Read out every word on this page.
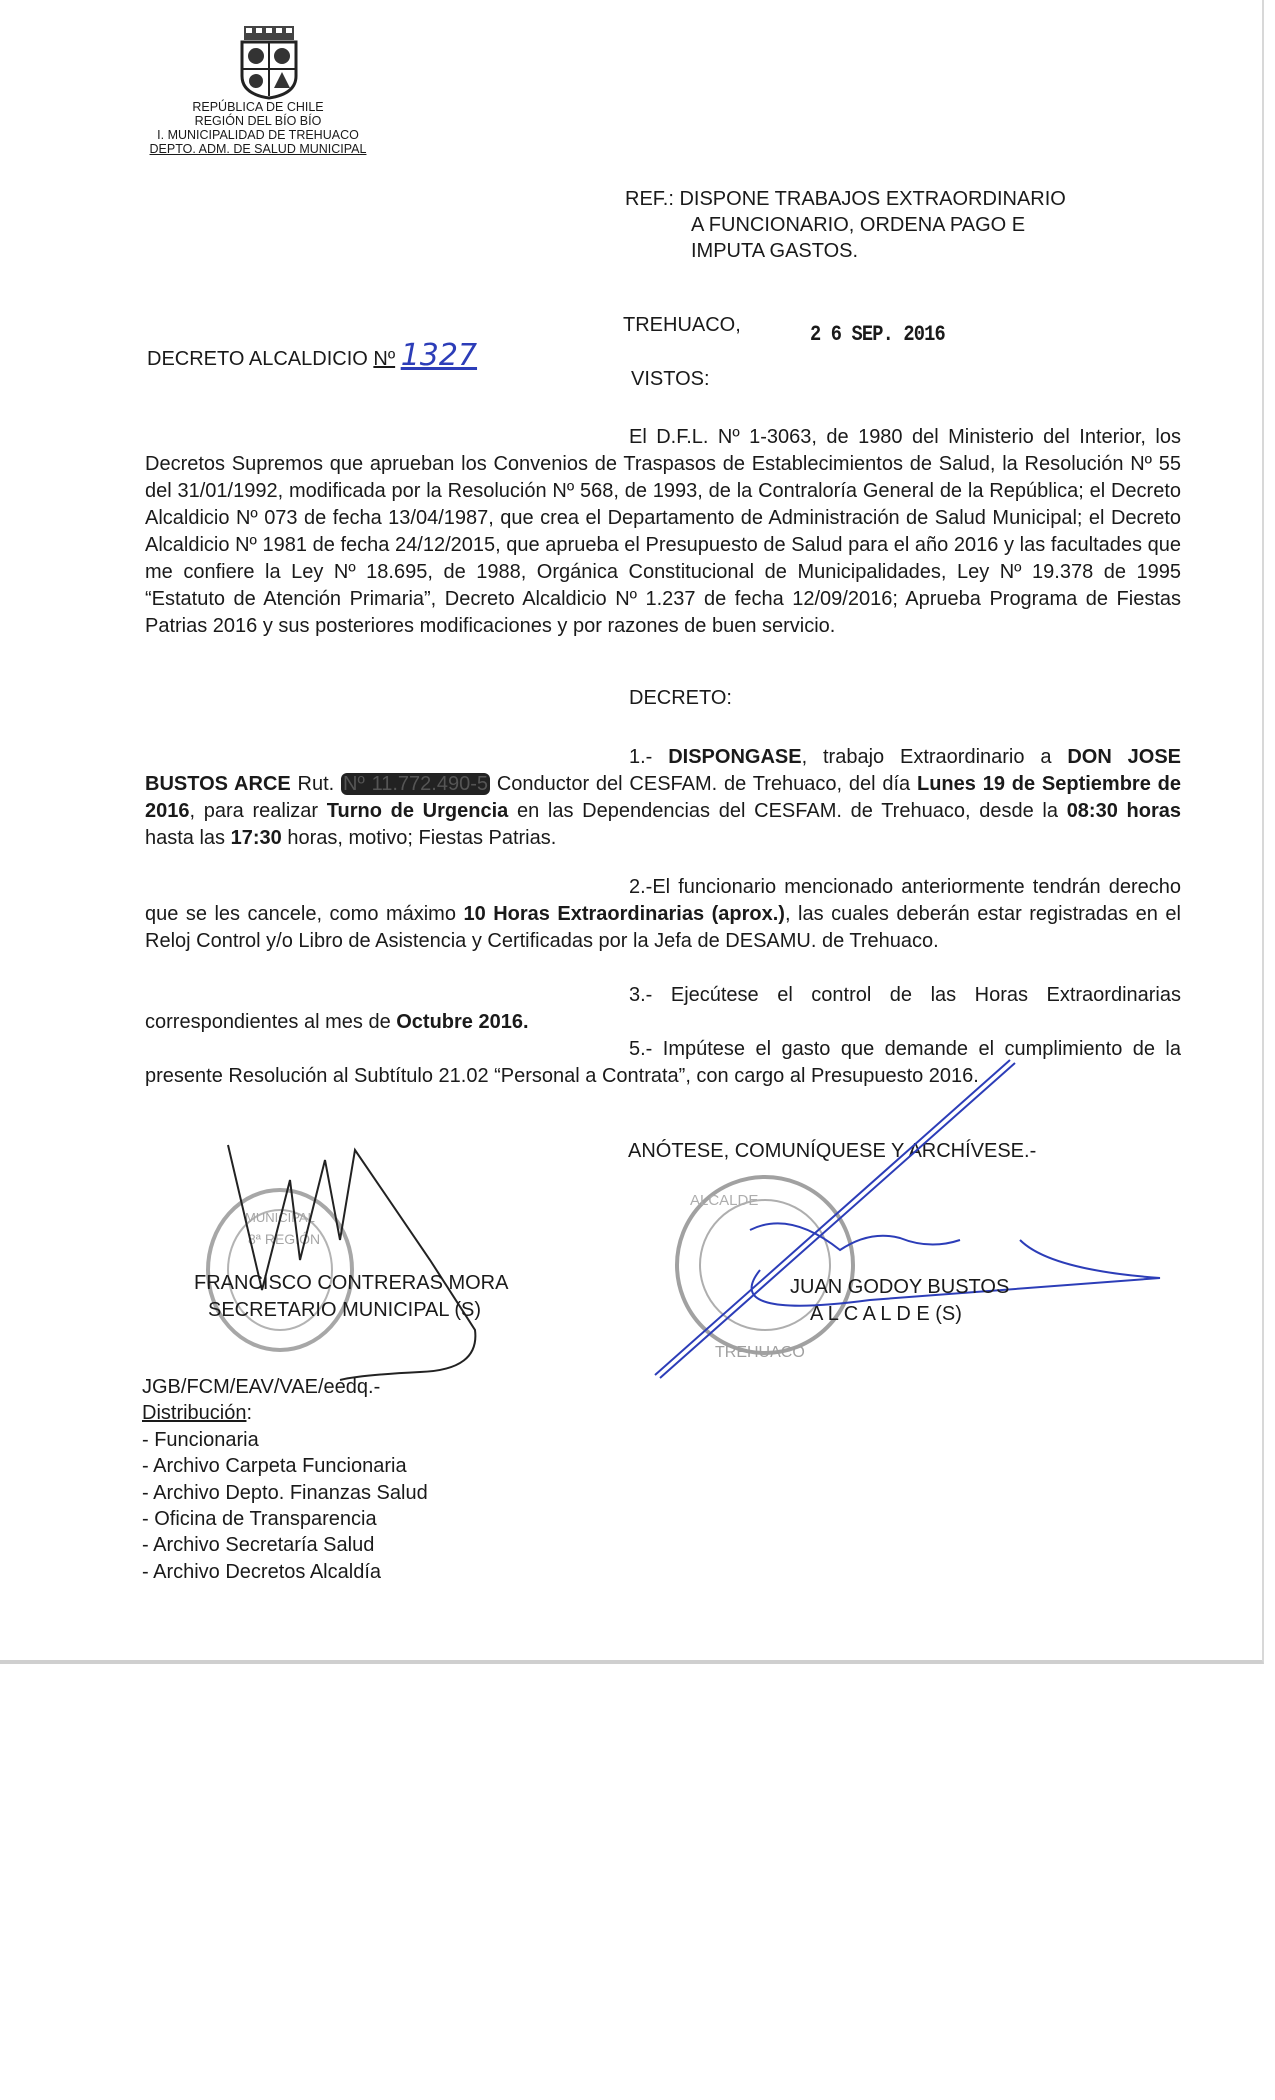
REPÚBLICA DE CHILE
REGIÓN DEL BÍO BÍO
I. MUNICIPALIDAD DE TREHUACO
DEPTO. ADM. DE SALUD MUNICIPAL
REF.: DISPONE TRABAJOS EXTRAORDINARIO
A FUNCIONARIO, ORDENA PAGO E
IMPUTA GASTOS.
DECRETO ALCALDICIO Nº 1327
TREHUACO,	2 6 SEP. 2016
VISTOS:
El D.F.L. Nº 1-3063, de 1980 del Ministerio del Interior, los Decretos Supremos que aprueban los Convenios de Traspasos de Establecimientos de Salud, la Resolución Nº 55 del 31/01/1992, modificada por la Resolución Nº 568, de 1993, de la Contraloría General de la República; el Decreto Alcaldicio Nº 073 de fecha 13/04/1987, que crea el Departamento de Administración de Salud Municipal; el Decreto Alcaldicio Nº 1981 de fecha 24/12/2015, que aprueba el Presupuesto de Salud para el año 2016 y las facultades que me confiere la Ley Nº 18.695, de 1988, Orgánica Constitucional de Municipalidades, Ley Nº 19.378 de 1995 “Estatuto de Atención Primaria”, Decreto Alcaldicio Nº 1.237 de fecha 12/09/2016; Aprueba Programa de Fiestas Patrias 2016 y sus posteriores modificaciones y por razones de buen servicio.
DECRETO:
1.- DISPONGASE, trabajo Extraordinario a DON JOSE BUSTOS ARCE Rut. Nº 11.772.490-5 Conductor del CESFAM. de Trehuaco, del día Lunes 19 de Septiembre de 2016, para realizar Turno de Urgencia en las Dependencias del CESFAM. de Trehuaco, desde la 08:30 horas hasta las 17:30 horas, motivo; Fiestas Patrias.
2.-El funcionario mencionado anteriormente tendrán derecho que se les cancele, como máximo 10 Horas Extraordinarias (aprox.), las cuales deberán estar registradas en el Reloj Control y/o Libro de Asistencia y Certificadas por la Jefa de DESAMU. de Trehuaco.
3.- Ejecútese el control de las Horas Extraordinarias correspondientes al mes de Octubre 2016.
5.- Impútese el gasto que demande el cumplimiento de la presente Resolución al Subtítulo 21.02 “Personal a Contrata”, con cargo al Presupuesto 2016.
ANÓTESE, COMUNÍQUESE Y ARCHÍVESE.-
MUNICIPAL
8ª REGIÓN
ALCALDE
TREHUACO
FRANCISCO CONTRERAS MORA
SECRETARIO MUNICIPAL (S)
JUAN GODOY BUSTOS
A L C A L D E (S)
JGB/FCM/EAV/VAE/eedq.-
Distribución:
- Funcionaria
- Archivo Carpeta Funcionaria
- Archivo Depto. Finanzas Salud
- Oficina de Transparencia
- Archivo Secretaría Salud
- Archivo Decretos Alcaldía
